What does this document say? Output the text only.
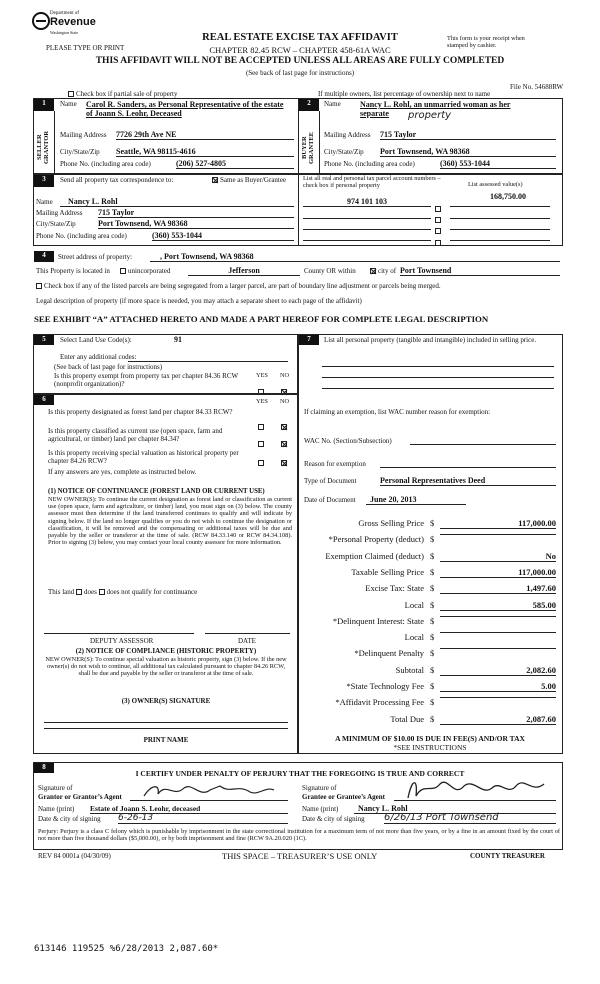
Department of
Revenue
Washington State
PLEASE TYPE OR PRINT
REAL ESTATE EXCISE TAX AFFIDAVIT
CHAPTER 82.45 RCW – CHAPTER 458-61A WAC
This form is your receipt when stamped by cashier.
THIS AFFIDAVIT WILL NOT BE ACCEPTED UNLESS ALL AREAS ARE FULLY COMPLETED
(See back of last page for instructions)
File No. 54688RW
Check box if partial sale of property	If multiple owners, list percentage of ownership next to name
1
SELLER GRANTOR
Name Carol R. Sanders, as Personal Representative of the estate of Joann S. Leohr, Deceased
Mailing Address 7726 29th Ave NE
City/State/Zip Seattle, WA 98115-4616
Phone No. (including area code)	(206) 527-4805
2
BUYER GRANTEE
Name Nancy L. Rohl, an unmarried woman as her separate	property
Mailing Address 715 Taylor
City/State/Zip Port Townsend, WA 98368
Phone No. (including area code)	(360) 553-1044
3	Send all property tax correspondence to:	Same as Buyer/Grantee
Name	Nancy L. Rohl
Mailing Address 715 Taylor
City/State/Zip	Port Townsend, WA 98368
Phone No. (including area code)	(360) 553-1044
List all real and personal tax parcel account numbers – check box if personal property	List assessed value(s)
974 101 103
168,750.00
4	Street address of property:	, Port Townsend, WA 98368
This Property is located in	unincorporated	Jefferson	County OR within	city of Port Townsend
Check box if any of the listed parcels are being segregated from a larger parcel, are part of boundary line adjustment or parcels being merged.
Legal description of property (if more space is needed, you may attach a separate sheet to each page of the affidavit)
SEE EXHIBIT “A” ATTACHED HERETO AND MADE A PART HEREOF FOR COMPLETE LEGAL DESCRIPTION
5	Select Land Use Code(s):	91
Enter any additional codes:
(See back of last page for instructions)
Is this property exempt from property tax per chapter 84.36 RCW (nonprofit organization)?
YES NO
6	YES NO
Is this property designated as forest land per chapter 84.33 RCW?
Is this property classified as current use (open space, farm and agricultural, or timber) land per chapter 84.34?
Is this property receiving special valuation as historical property per chapter 84.26 RCW?
If any answers are yes, complete as instructed below.
(1) NOTICE OF CONTINUANCE (FOREST LAND OR CURRENT USE)
NEW OWNER(S): To continue the current designation as forest land or classification as current use (open space, farm and agriculture, or timber) land, you must sign on (3) below. The county assessor must then determine if the land transferred continues to qualify and will indicate by signing below. If the land no longer qualifies or you do not wish to continue the designation or classification, it will be removed and the compensating or additional taxes will be due and payable by the seller or transferor at the time of sale. (RCW 84.33.140 or RCW 84.34.108). Prior to signing (3) below, you may contact your local county assessor for more information.
This land does does not qualify for continuance
DEPUTY ASSESSOR	DATE
(2) NOTICE OF COMPLIANCE (HISTORIC PROPERTY)
NEW OWNER(S): To continue special valuation as historic property, sign (3) below. If the new owner(s) do not wish to continue, all additional tax calculated pursuant to chapter 84.26 RCW, shall be due and payable by the seller or transferor at the time of sale.
(3) OWNER(S) SIGNATURE
PRINT NAME
7	List all personal property (tangible and intangible) included in selling price.
If claiming an exemption, list WAC number reason for exemption:
WAC No. (Section/Subsection)
Reason for exemption
Type of Document	Personal Representatives Deed
Date of Document	June 20, 2013
Gross Selling Price $	117,000.00
*Personal Property (deduct) $
Exemption Claimed (deduct) $	No
Taxable Selling Price $	117,000.00
Excise Tax: State $	1,497.60
Local $	585.00
*Delinquent Interest: State $
Local $
*Delinquent Penalty $
Subtotal $	2,082.60
*State Technology Fee $	5.00
*Affidavit Processing Fee $
Total Due $	2,087.60
A MINIMUM OF $10.00 IS DUE IN FEE(S) AND/OR TAX
*SEE INSTRUCTIONS
8
I CERTIFY UNDER PENALTY OF PERJURY THAT THE FOREGOING IS TRUE AND CORRECT
Signature of
Grantor or Grantor’s Agent
Name (print) Estate of Joann S. Leohr, deceased
Date & city of signing 6-26-13
Signature of
Grantee or Grantee’s Agent
Name (print)	Nancy L. Rohl
Date & city of signing 6/26/13 Port Townsend
Perjury: Perjury is a class C felony which is punishable by imprisonment in the state correctional institution for a maximum term of not more than five years, or by a fine in an amount fixed by the court of not more than five thousand dollars ($5,000.00), or by both imprisonment and fine (RCW 9A.20.020 (1C).
REV 84 0001a (04/30/09)	THIS SPACE – TREASURER’S USE ONLY	COUNTY TREASURER
613146 119525 %6/28/2013 2,087.60*
